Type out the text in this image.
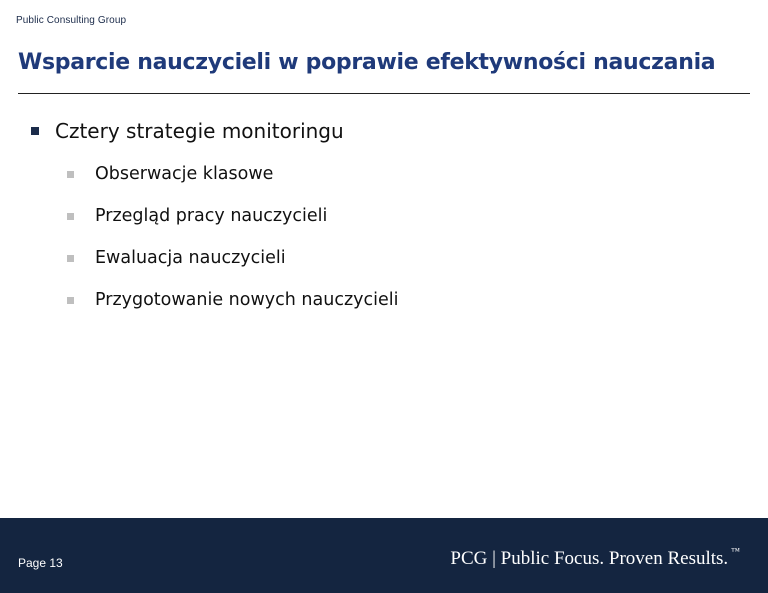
Public Consulting Group
Wsparcie nauczycieli w poprawie efektywności nauczania
Cztery strategie monitoringu
Obserwacje klasowe
Przegląd pracy nauczycieli
Ewaluacja nauczycieli
Przygotowanie nowych nauczycieli
Page 13	PCG | Public Focus. Proven Results. ™
